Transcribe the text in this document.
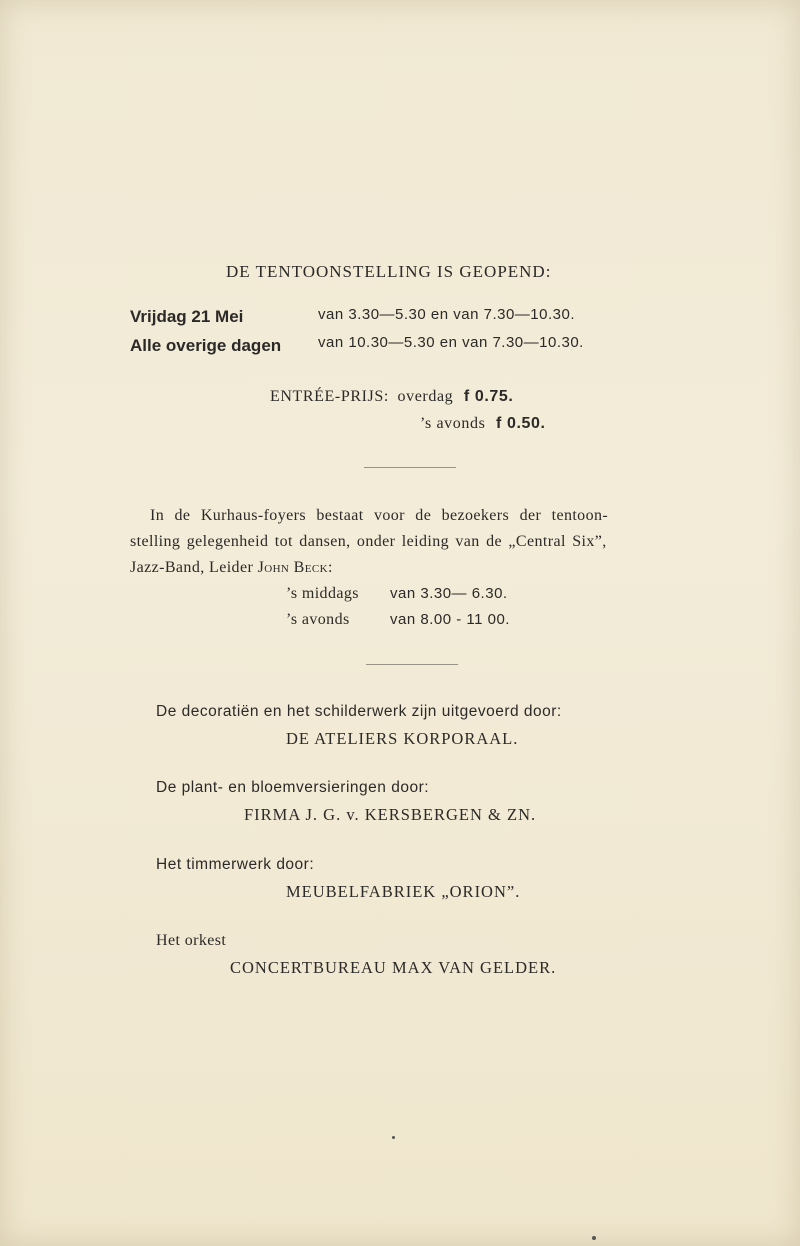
DE TENTOONSTELLING IS GEOPEND:
Vrijdag 21 Mei	van 3.30—5.30 en van 7.30—10.30.
Alle overige dagen van 10.30—5.30 en van 7.30—10.30.
ENTRÉE-PRIJS: overdag f 0.75.
’s avonds f 0.50.
In de Kurhaus-foyers bestaat voor de bezoekers der tentoon-
stelling gelegenheid tot dansen, onder leiding van de „Central Six”,
Jazz-Band, Leider John Beck:
’s middags van 3.30— 6.30.
’s avonds	van 8.00 - 11 00.
De decoratiën en het schilderwerk zijn uitgevoerd door:
DE ATELIERS KORPORAAL.
De plant- en bloemversieringen door:
FIRMA J. G. v. KERSBERGEN & ZN.
Het timmerwerk door:
MEUBELFABRIEK „ORION”.
Het orkest
CONCERTBUREAU MAX VAN GELDER.
